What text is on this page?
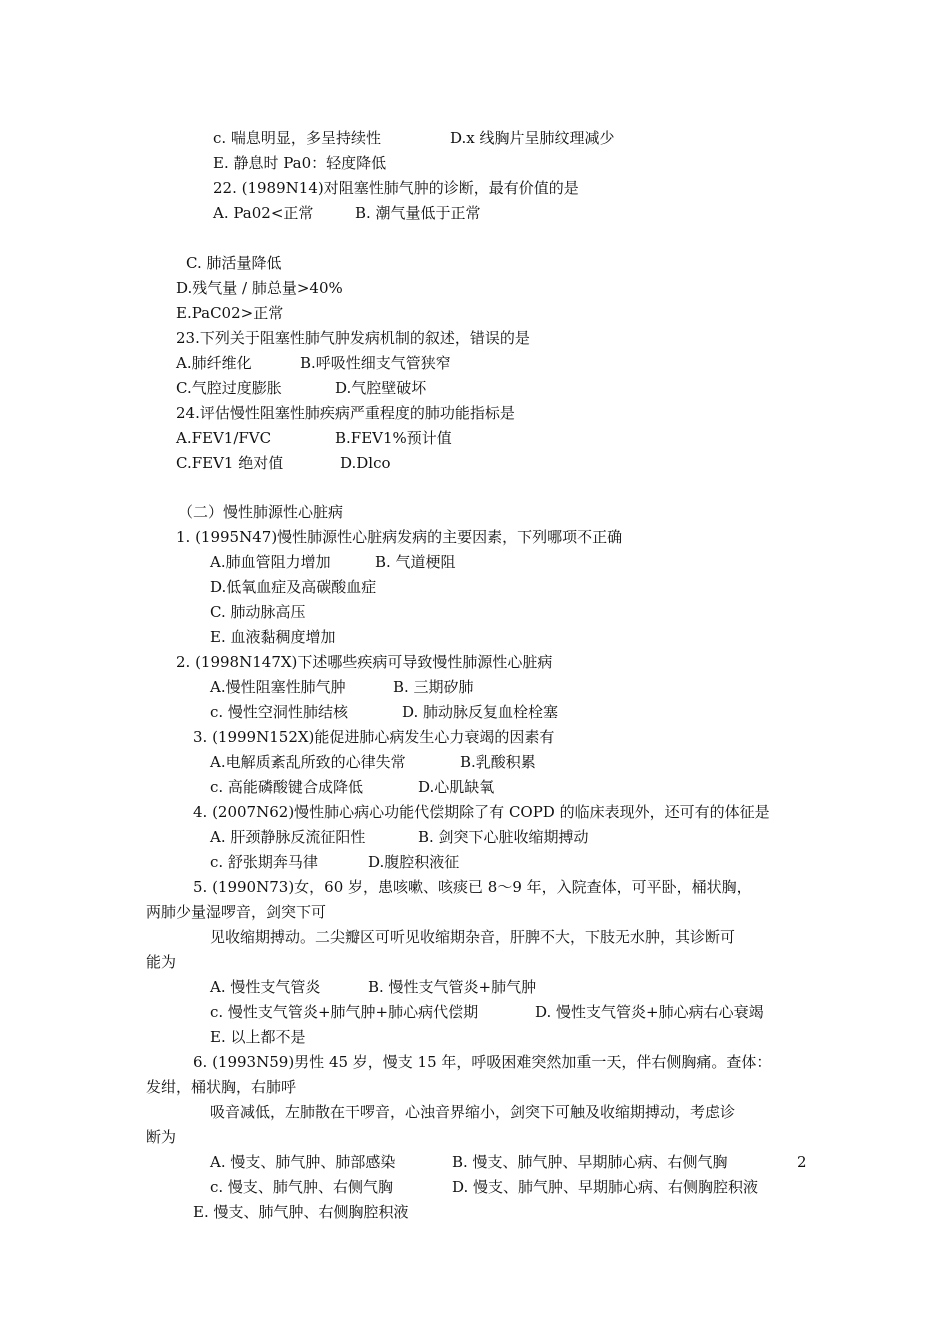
c. 喘息明显，多呈持续性	D.x 线胸片呈肺纹理减少
E. 静息时 Pa0：轻度降低
22. (1989N14)对阻塞性肺气肿的诊断，最有价值的是
A. Pa02<正常	B. 潮气量低于正常
C. 肺活量降低
D.残气量 / 肺总量>40%
E.PaC02>正常
23.下列关于阻塞性肺气肿发病机制的叙述，错误的是
A.肺纤维化	B.呼吸性细支气管狭窄
C.气腔过度膨胀	D.气腔壁破坏
24.评估慢性阻塞性肺疾病严重程度的肺功能指标是
A.FEV1/FVC	B.FEV1%预计值
C.FEV1 绝对值	D.Dlco
（二）慢性肺源性心脏病
1. (1995N47)慢性肺源性心脏病发病的主要因素，下列哪项不正确
A.肺血管阻力增加	B. 气道梗阻
D.低氧血症及高碳酸血症
C. 肺动脉高压
E. 血液黏稠度增加
2. (1998N147X)下述哪些疾病可导致慢性肺源性心脏病
A.慢性阻塞性肺气肿	B. 三期矽肺
c. 慢性空洞性肺结核	D. 肺动脉反复血栓栓塞
3. (1999N152X)能促进肺心病发生心力衰竭的因素有
A.电解质紊乱所致的心律失常	B.乳酸积累
c. 高能磷酸键合成降低	D.心肌缺氧
4. (2007N62)慢性肺心病心功能代偿期除了有 COPD 的临床表现外，还可有的体征是
A. 肝颈静脉反流征阳性	B. 剑突下心脏收缩期搏动
c. 舒张期奔马律	D.腹腔积液征
5. (1990N73)女，60 岁，患咳嗽、咳痰已 8～9 年，入院查体，可平卧，桶状胸，
两肺少量湿啰音，剑突下可
见收缩期搏动。二尖瓣区可听见收缩期杂音，肝脾不大，下肢无水肿，其诊断可
能为
A. 慢性支气管炎	B. 慢性支气管炎+肺气肿
c. 慢性支气管炎+肺气肿+肺心病代偿期	D. 慢性支气管炎+肺心病右心衰竭
E. 以上都不是
6. (1993N59)男性 45 岁，慢支 15 年，呼吸困难突然加重一天，伴右侧胸痛。查体：
发绀，桶状胸，右肺呼
吸音减低，左肺散在干啰音，心浊音界缩小，剑突下可触及收缩期搏动，考虑诊
断为
A. 慢支、肺气肿、肺部感染	B. 慢支、肺气肿、早期肺心病、右侧气胸	2
c. 慢支、肺气肿、右侧气胸	D. 慢支、肺气肿、早期肺心病、右侧胸腔积液
E. 慢支、肺气肿、右侧胸腔积液
